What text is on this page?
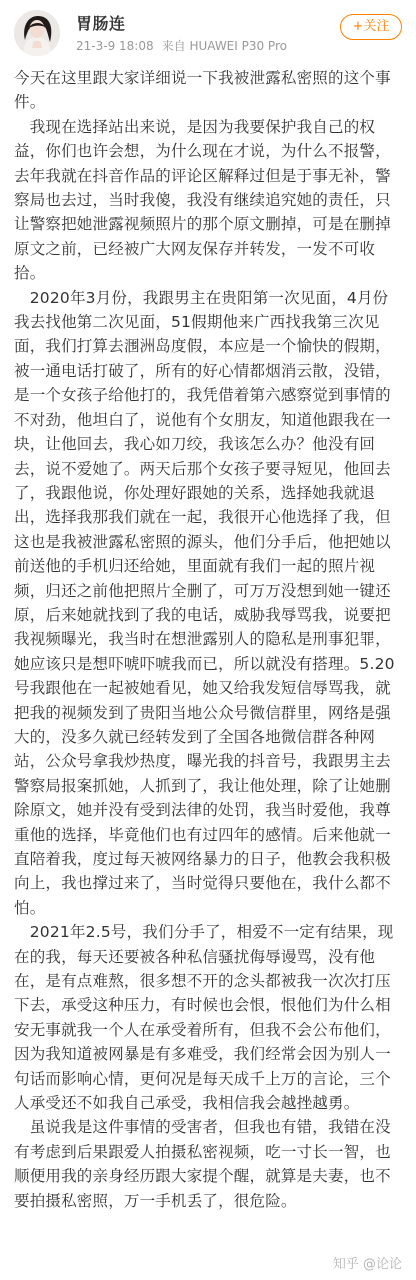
胃肠连
21-3-9 18:08 来自 HUAWEI P30 Pro
+关注

今天在这里跟大家详细说一下我被泄露私密照的这个事件。

　我现在选择站出来说，是因为我要保护我自己的权益，你们也许会想，为什么现在才说，为什么不报警，去年我就在抖音作品的评论区解释过但是于事无补，警察局也去过，当时我傻，我没有继续追究她的责任，只让警察把她泄露视频照片的那个原文删掉，可是在删掉原文之前，已经被广大网友保存并转发，一发不可收拾。

　2020年3月份，我跟男主在贵阳第一次见面，4月份我去找他第二次见面，51假期他来广西找我第三次见面，我们打算去涠洲岛度假，本应是一个愉快的假期，被一通电话打破了，所有的好心情都烟消云散，没错，是一个女孩子给他打的，我凭借着第六感察觉到事情的不对劲，他坦白了，说他有个女朋友，知道他跟我在一块，让他回去，我心如刀绞，我该怎么办？他没有回去，说不爱她了。两天后那个女孩子要寻短见，他回去了，我跟他说，你处理好跟她的关系，选择她我就退出，选择我那我们就在一起，我很开心他选择了我，但这也是我被泄露私密照的源头，他们分手后，他把她以前送他的手机归还给她，里面就有我们一起的照片视频，归还之前他把照片全删了，可万万没想到她一键还原，后来她就找到了我的电话，威胁我辱骂我，说要把我视频曝光，我当时在想泄露别人的隐私是刑事犯罪，她应该只是想吓唬吓唬我而已，所以就没有搭理。5.20号我跟他在一起被她看见，她又给我发短信辱骂我，就把我的视频发到了贵阳当地公众号微信群里，网络是强大的，没多久就已经转发到了全国各地微信群各种网站，公众号拿我炒热度，曝光我的抖音号，我跟男主去警察局报案抓她，人抓到了，我让他处理，除了让她删除原文，她并没有受到法律的处罚，我当时爱他，我尊重他的选择，毕竟他们也有过四年的感情。后来他就一直陪着我，度过每天被网络暴力的日子，他教会我积极向上，我也撑过来了，当时觉得只要他在，我什么都不怕。

　2021年2.5号，我们分手了，相爱不一定有结果，现在的我，每天还要被各种私信骚扰侮辱谩骂，没有他在，是有点难熬，很多想不开的念头都被我一次次打压下去，承受这种压力，有时候也会恨，恨他们为什么相安无事就我一个人在承受着所有，但我不会公布他们，因为我知道被网暴是有多难受，我们经常会因为别人一句话而影响心情，更何况是每天成千上万的言论，三个人承受还不如我自己承受，我相信我会越挫越勇。

　虽说我是这件事情的受害者，但我也有错，我错在没有考虑到后果跟爱人拍摄私密视频，吃一寸长一智，也顺便用我的亲身经历跟大家提个醒，就算是夫妻，也不要拍摄私密照，万一手机丢了，很危险。

知乎 @论论
